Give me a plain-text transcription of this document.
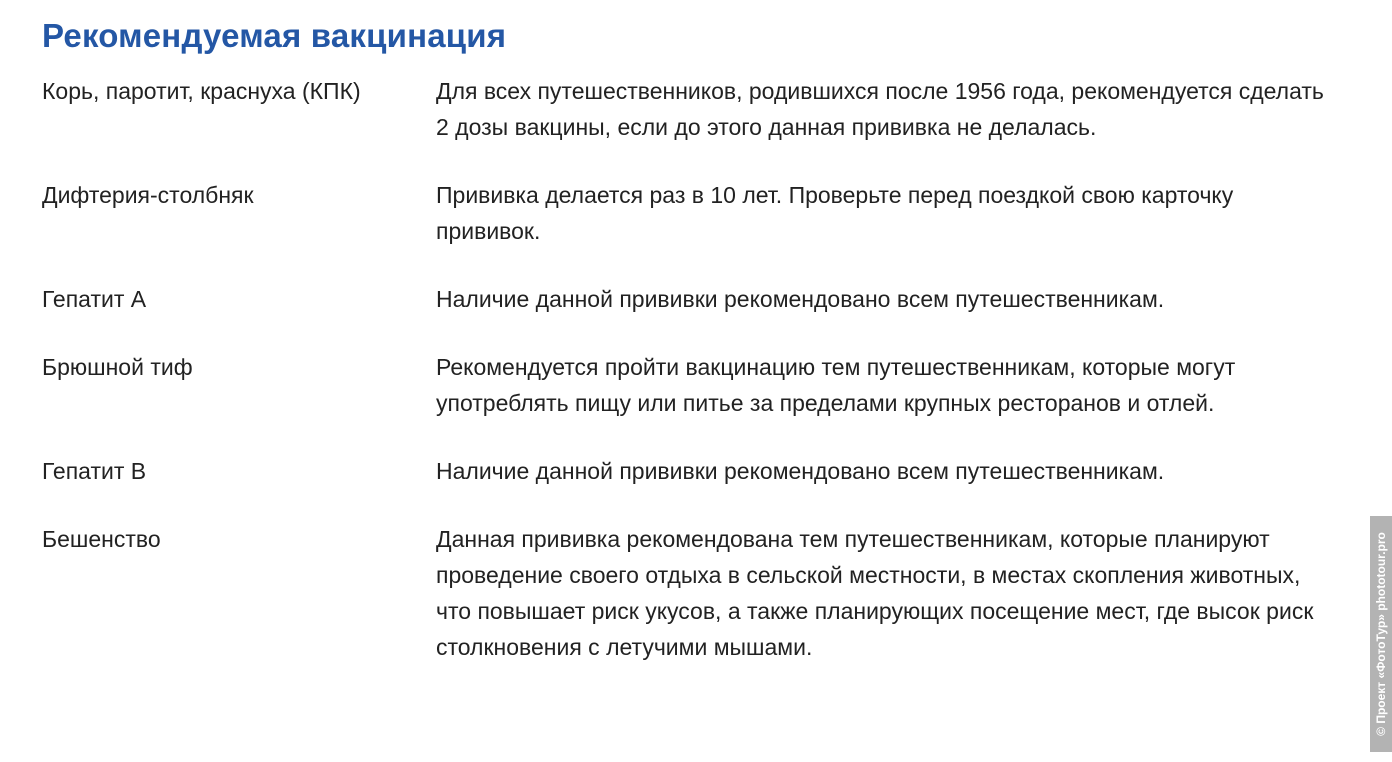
Рекомендуемая вакцинация
Корь, паротит, краснуха (КПК)	Для всех путешественников, родившихся после 1956 года, рекомендуется сделать 2 дозы вакцины, если до этого данная прививка не делалась.
Дифтерия-столбняк	Прививка делается раз в 10 лет. Проверьте перед поездкой свою карточку прививок.
Гепатит А	Наличие данной прививки рекомендовано всем путешественникам.
Брюшной тиф	Рекомендуется пройти вакцинацию тем путешественникам, которые могут употреблять пищу или питье за пределами крупных ресторанов и отлей.
Гепатит В	Наличие данной прививки рекомендовано всем путешественникам.
Бешенство	Данная прививка рекомендована тем путешественникам, которые планируют проведение своего отдыха в сельской местности, в местах скопления животных, что повышает риск укусов, а также планирующих посещение мест, где высок риск столкновения с летучими мышами.	© Проект «ФотоТур» phototour.pro
